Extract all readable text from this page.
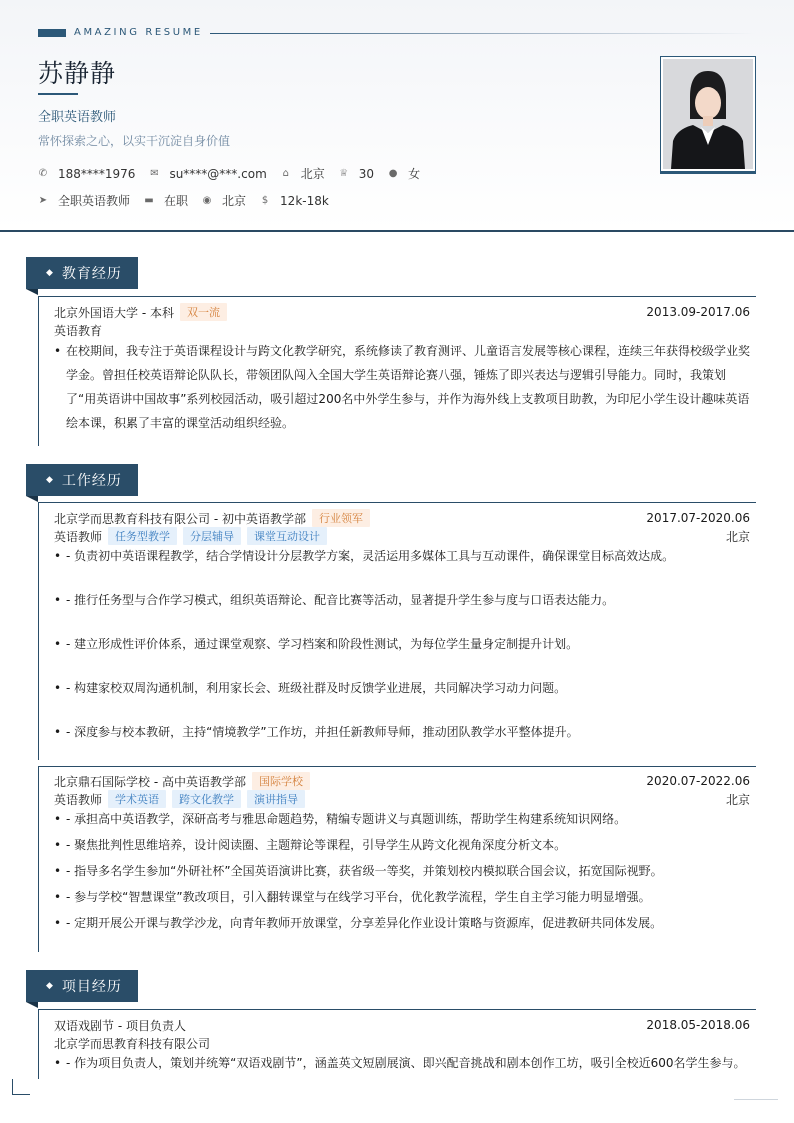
AMAZING RESUME
苏静静
全职英语教师
常怀探索之心，以实干沉淀自身价值
✆ 188****1976 ✉ su****@***.com ⌂ 北京 ♕ 30 ● 女
➤ 全职英语教师 ▬ 在职 ◉ 北京 $ 12k-18k
◆ 教育经历
北京外国语大学 - 本科	双一流	2013.09-2017.06
英语教育
• 在校期间，我专注于英语课程设计与跨文化教学研究，系统修读了教育测评、儿童语言发展等核心课程，连续三年获得校级学业奖学金。曾担任校英语辩论队队长，带领团队闯入全国大学生英语辩论赛八强，锤炼了即兴表达与逻辑引导能力。同时，我策划了“用英语讲中国故事”系列校园活动，吸引超过200名中外学生参与，并作为海外线上支教项目助教，为印尼小学生设计趣味英语绘本课，积累了丰富的课堂活动组织经验。
◆ 工作经历
北京学而思教育科技有限公司 - 初中英语教学部	行业领军	2017.07-2020.06
英语教师	任务型教学	分层辅导	课堂互动设计	北京
• - 负责初中英语课程教学，结合学情设计分层教学方案，灵活运用多媒体工具与互动课件，确保课堂目标高效达成。
• - 推行任务型与合作学习模式，组织英语辩论、配音比赛等活动，显著提升学生参与度与口语表达能力。
• - 建立形成性评价体系，通过课堂观察、学习档案和阶段性测试，为每位学生量身定制提升计划。
• - 构建家校双周沟通机制，利用家长会、班级社群及时反馈学业进展，共同解决学习动力问题。
• - 深度参与校本教研，主持“情境教学”工作坊，并担任新教师导师，推动团队教学水平整体提升。
北京鼎石国际学校 - 高中英语教学部	国际学校	2020.07-2022.06
英语教师	学术英语	跨文化教学	演讲指导	北京
• - 承担高中英语教学，深研高考与雅思命题趋势，精编专题讲义与真题训练，帮助学生构建系统知识网络。
• - 聚焦批判性思维培养，设计阅读圈、主题辩论等课程，引导学生从跨文化视角深度分析文本。
• - 指导多名学生参加“外研社杯”全国英语演讲比赛，获省级一等奖，并策划校内模拟联合国会议，拓宽国际视野。
• - 参与学校“智慧课堂”教改项目，引入翻转课堂与在线学习平台，优化教学流程，学生自主学习能力明显增强。
• - 定期开展公开课与教学沙龙，向青年教师开放课堂，分享差异化作业设计策略与资源库，促进教研共同体发展。
◆ 项目经历
双语戏剧节 - 项目负责人	2018.05-2018.06
北京学而思教育科技有限公司
• - 作为项目负责人，策划并统筹“双语戏剧节”，涵盖英文短剧展演、即兴配音挑战和剧本创作工坊，吸引全校近600名学生参与。
